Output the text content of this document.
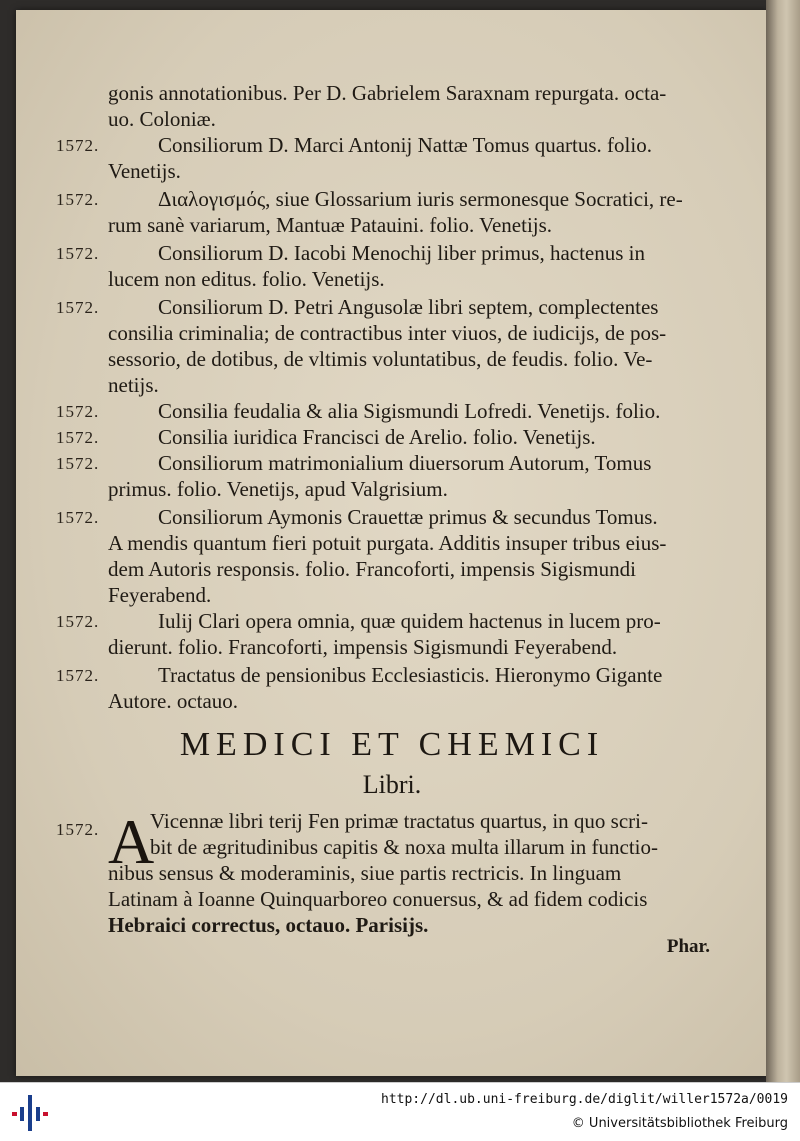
gonis annotationibus. Per D. Gabrielem Saraxnam repurgata. octa-
uo. Coloniæ.
1572.	Consiliorum D. Marci Antonij Nattæ Tomus quartus. folio.
Venetijs.
1572.	Διαλογισμός, siue Glossarium iuris sermonesque Socratici, re-
rum sanè variarum, Mantuæ Patauini. folio. Venetijs.
1572.	Consiliorum D. Iacobi Menochij liber primus, hactenus in
lucem non editus. folio. Venetijs.
1572.	Consiliorum D. Petri Angusolæ libri septem, complectentes
consilia criminalia; de contractibus inter viuos, de iudicijs, de pos-
sessorio, de dotibus, de vltimis voluntatibus, de feudis. folio. Ve-
netijs.
1572.	Consilia feudalia & alia Sigismundi Lofredi. Venetijs. folio.
1572.	Consilia iuridica Francisci de Arelio. folio. Venetijs.
1572.	Consiliorum matrimonialium diuersorum Autorum, Tomus
primus. folio. Venetijs, apud Valgrisium.
1572.	Consiliorum Aymonis Crauettæ primus & secundus Tomus.
A mendis quantum fieri potuit purgata. Additis insuper tribus eius-
dem Autoris responsis. folio. Francoforti, impensis Sigismundi
Feyerabend.
1572.	Iulij Clari opera omnia, quæ quidem hactenus in lucem pro-
dierunt. folio. Francoforti, impensis Sigismundi Feyerabend.
1572.	Tractatus de pensionibus Ecclesiasticis. Hieronymo Gigante
Autore. octauo.
MEDICI ET CHEMICI
Libri.
1572. A
Vicennæ libri terij Fen primæ tractatus quartus, in quo scri-
bit de ægritudinibus capitis & noxa multa illarum in functio-
nibus sensus & moderaminis, siue partis rectricis. In linguam
Latinam à Ioanne Quinquarboreo conuersus, & ad fidem codicis
Hebraici correctus, octauo. Parisijs.
Phar.
http://dl.ub.uni-freiburg.de/diglit/willer1572a/0019
© Universitätsbibliothek Freiburg
